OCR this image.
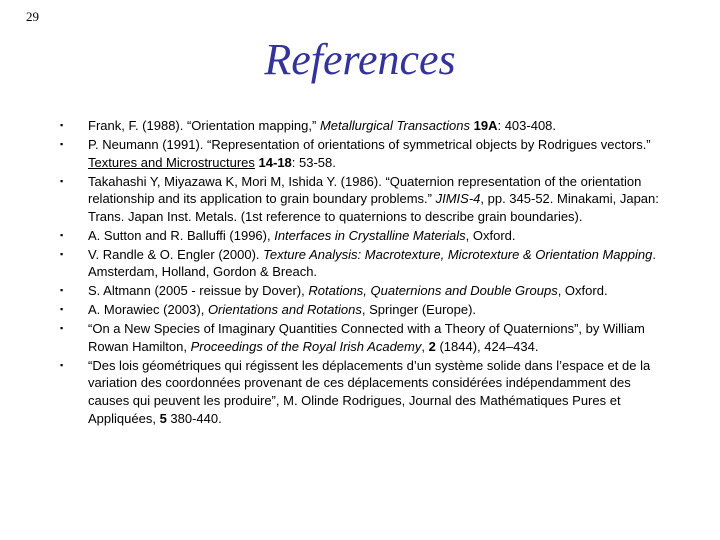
29
References
▪ Frank, F. (1988). “Orientation mapping,” Metallurgical Transactions 19A: 403-408.
▪ P. Neumann (1991). “Representation of orientations of symmetrical objects by Rodrigues vectors.” Textures and Microstructures 14-18: 53-58.
▪ Takahashi Y, Miyazawa K, Mori M, Ishida Y. (1986). “Quaternion representation of the orientation relationship and its application to grain boundary problems.” JIMIS-4, pp. 345-52. Minakami, Japan: Trans. Japan Inst. Metals. (1st reference to quaternions to describe grain boundaries).
▪ A. Sutton and R. Balluffi (1996), Interfaces in Crystalline Materials, Oxford.
▪ V. Randle & O. Engler (2000). Texture Analysis: Macrotexture, Microtexture & Orientation Mapping. Amsterdam, Holland, Gordon & Breach.
▪ S. Altmann (2005 - reissue by Dover), Rotations, Quaternions and Double Groups, Oxford.
▪ A. Morawiec (2003), Orientations and Rotations, Springer (Europe).
▪ “On a New Species of Imaginary Quantities Connected with a Theory of Quaternions”, by William Rowan Hamilton, Proceedings of the Royal Irish Academy, 2 (1844), 424–434.
▪ “Des lois géométriques qui régissent les déplacements d’un système solide dans l’espace et de la variation des coordonnées provenant de ces déplacements considérées indépendamment des causes qui peuvent les produire”, M. Olinde Rodrigues, Journal des Mathématiques Pures et Appliquées, 5 380-440.
